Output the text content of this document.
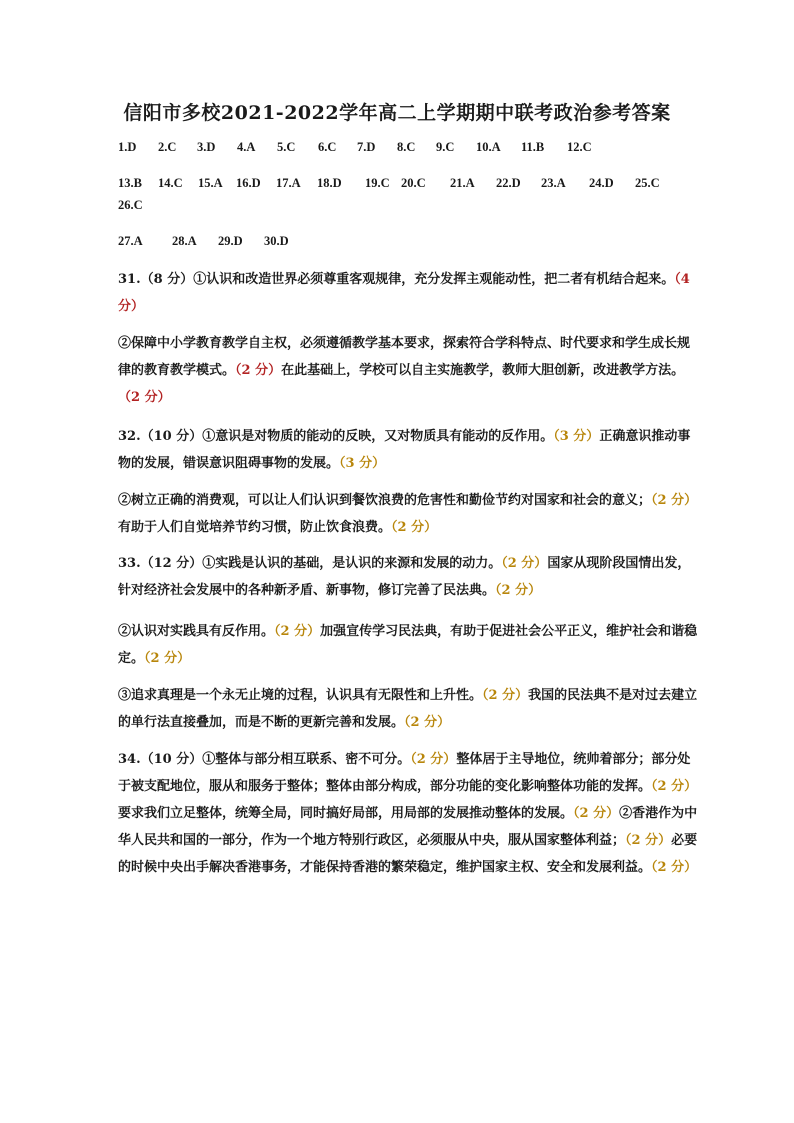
信阳市多校2021-2022学年高二上学期期中联考政治参考答案
1.D 2.C 3.D 4.A 5.C 6.C 7.D 8.C 9.C 10.A 11.B 12.C
13.B 14.C 15.A 16.D 17.A 18.D 19.C 20.C 21.A 22.D 23.A 24.D 25.C
26.C
27.A 28.A 29.D 30.D
31.（8 分）①认识和改造世界必须尊重客观规律，充分发挥主观能动性，把二者有机结合起来。（4 分）
②保障中小学教育教学自主权，必须遵循教学基本要求，探索符合学科特点、时代要求和学生成长规律的教育教学模式。（2 分）在此基础上，学校可以自主实施教学，教师大胆创新，改进教学方法。（2 分）
32.（10 分）①意识是对物质的能动的反映，又对物质具有能动的反作用。（3 分）正确意识推动事物的发展，错误意识阻碍事物的发展。（3 分）
②树立正确的消费观，可以让人们认识到餐饮浪费的危害性和勤俭节约对国家和社会的意义；（2 分）有助于人们自觉培养节约习惯，防止饮食浪费。（2 分）
33.（12 分）①实践是认识的基础，是认识的来源和发展的动力。（2 分）国家从现阶段国情出发，针对经济社会发展中的各种新矛盾、新事物，修订完善了民法典。（2 分）
②认识对实践具有反作用。（2 分）加强宣传学习民法典，有助于促进社会公平正义，维护社会和谐稳定。（2 分）
③追求真理是一个永无止境的过程，认识具有无限性和上升性。（2 分）我国的民法典不是对过去建立的单行法直接叠加，而是不断的更新完善和发展。（2 分）
34.（10 分）①整体与部分相互联系、密不可分。（2 分）整体居于主导地位，统帅着部分；部分处于被支配地位，服从和服务于整体；整体由部分构成，部分功能的变化影响整体功能的发挥。（2 分）要求我们立足整体，统筹全局，同时搞好局部，用局部的发展推动整体的发展。（2 分）②香港作为中华人民共和国的一部分，作为一个地方特别行政区，必须服从中央，服从国家整体利益；（2 分）必要的时候中央出手解决香港事务，才能保持香港的繁荣稳定，维护国家主权、安全和发展利益。（2 分）
